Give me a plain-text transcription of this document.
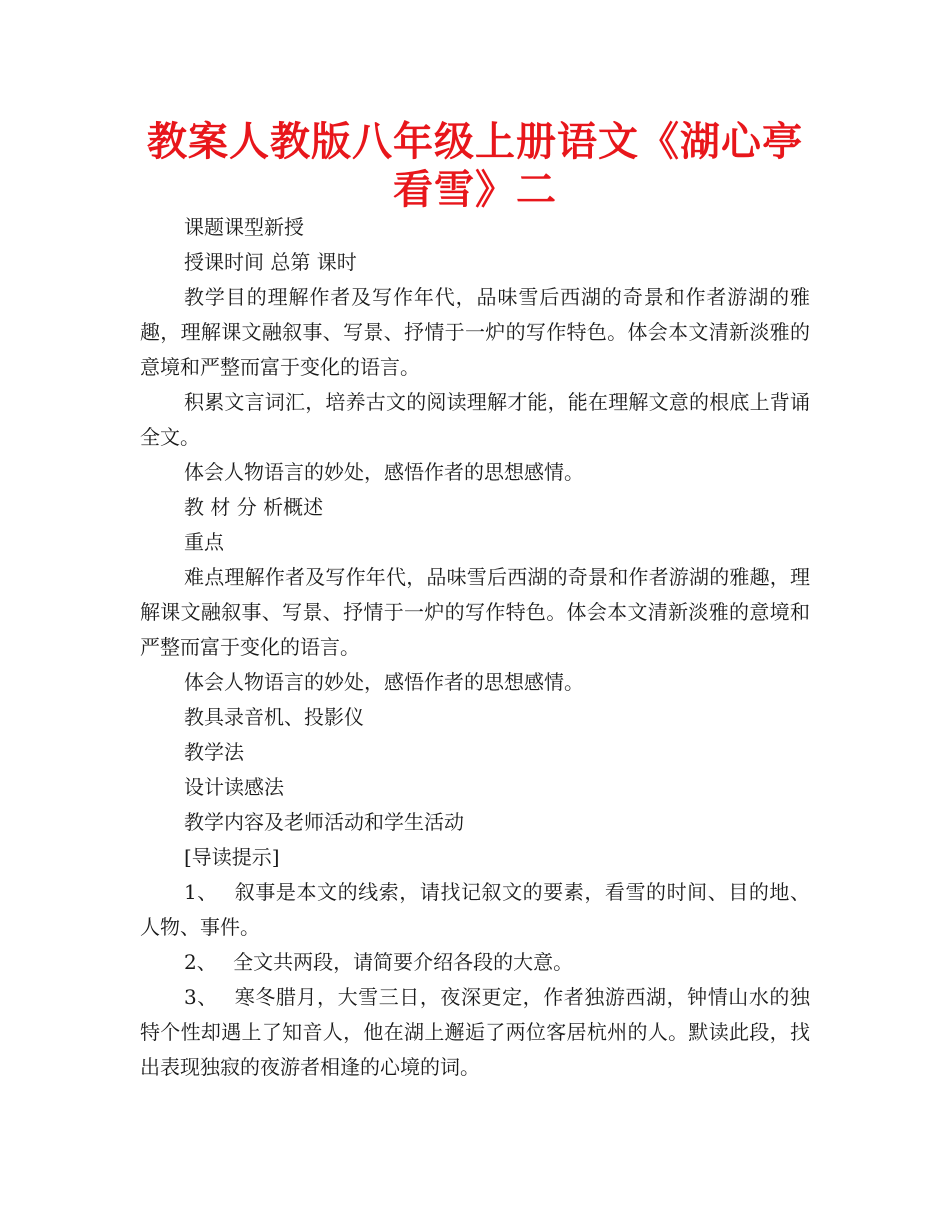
教案人教版八年级上册语文《湖心亭看雪》二

课题课型新授

授课时间 总第 课时

教学目的理解作者及写作年代，品味雪后西湖的奇景和作者游湖的雅趣，理解课文融叙事、写景、抒情于一炉的写作特色。体会本文清新淡雅的意境和严整而富于变化的语言。

积累文言词汇，培养古文的阅读理解才能，能在理解文意的根底上背诵全文。

体会人物语言的妙处，感悟作者的思想感情。

教 材 分 析概述

重点

难点理解作者及写作年代，品味雪后西湖的奇景和作者游湖的雅趣，理解课文融叙事、写景、抒情于一炉的写作特色。体会本文清新淡雅的意境和严整而富于变化的语言。

体会人物语言的妙处，感悟作者的思想感情。

教具录音机、投影仪

教学法

设计读感法

教学内容及老师活动和学生活动

[导读提示]

1、 叙事是本文的线索，请找记叙文的要素，看雪的时间、目的地、人物、事件。

2、 全文共两段，请简要介绍各段的大意。

3、 寒冬腊月，大雪三日，夜深更定，作者独游西湖，钟情山水的独特个性却遇上了知音人，他在湖上邂逅了两位客居杭州的人。默读此段，找出表现独寂的夜游者相逢的心境的词。
